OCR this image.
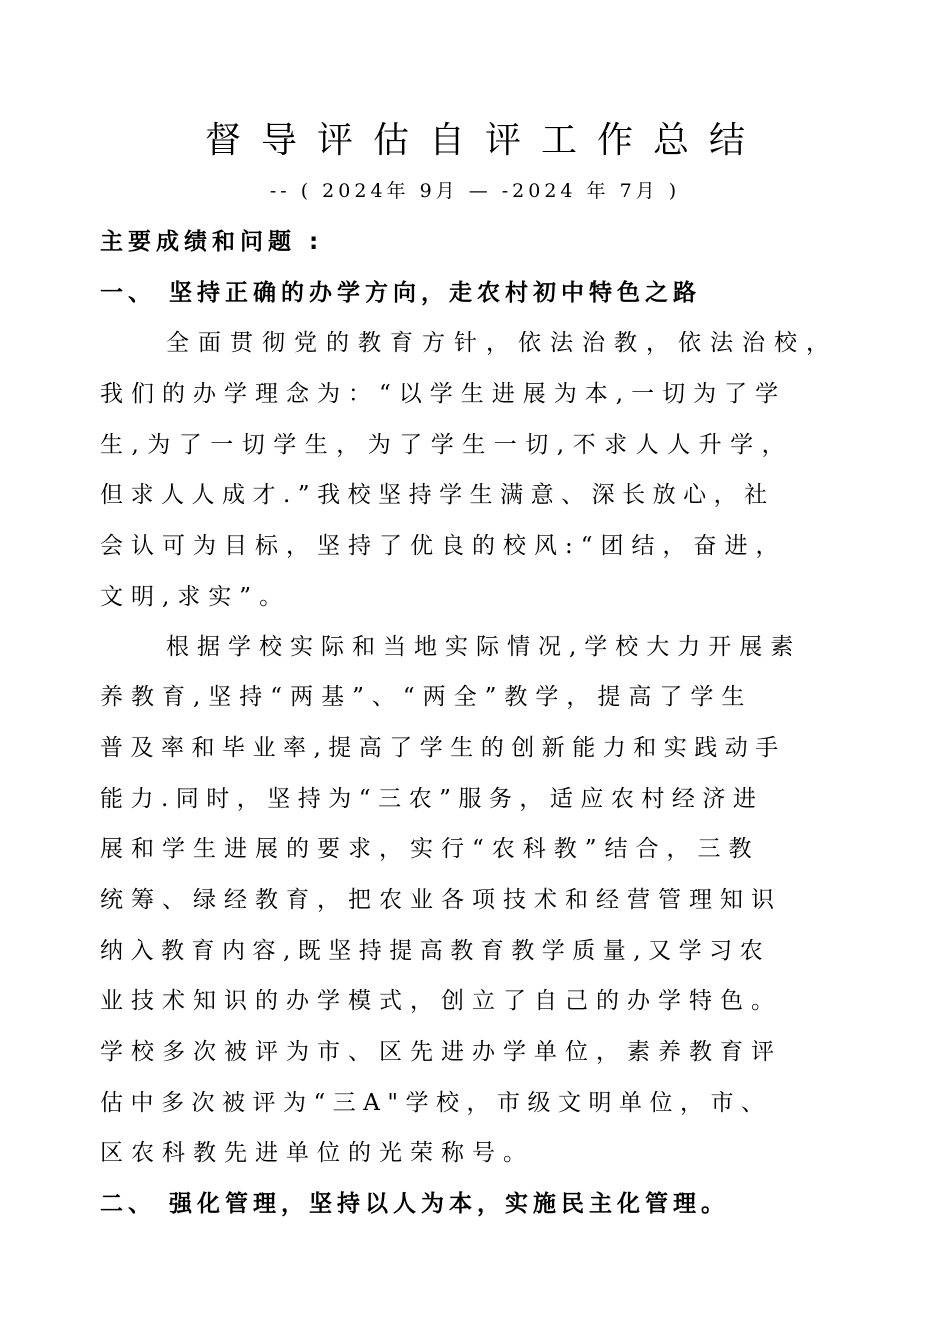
督导评估自评工作总结
-- ( 2024年 9月 — -2024 年 7月 )
主要成绩和问题 :
一、 坚持正确的办学方向，走农村初中特色之路
全面贯彻党的教育方针，依法治教，依法治校，
我们的办学理念为：“以学生进展为本,一切为了学
生,为了一切学生，为了学生一切,不求人人升学，
但求人人成才.”我校坚持学生满意、深长放心，社
会认可为目标，坚持了优良的校风:“团结，奋进，
文明,求实”。
根据学校实际和当地实际情况,学校大力开展素
养教育,坚持“两基”、“两全”教学，提高了学生
普及率和毕业率,提高了学生的创新能力和实践动手
能力.同时，坚持为“三农”服务，适应农村经济进
展和学生进展的要求，实行“农科教”结合，三教
统筹、绿经教育，把农业各项技术和经营管理知识
纳入教育内容,既坚持提高教育教学质量,又学习农
业技术知识的办学模式，创立了自己的办学特色。
学校多次被评为市、区先进办学单位，素养教育评
估中多次被评为“三A"学校，市级文明单位，市、
区农科教先进单位的光荣称号。
二、 强化管理，坚持以人为本，实施民主化管理。
